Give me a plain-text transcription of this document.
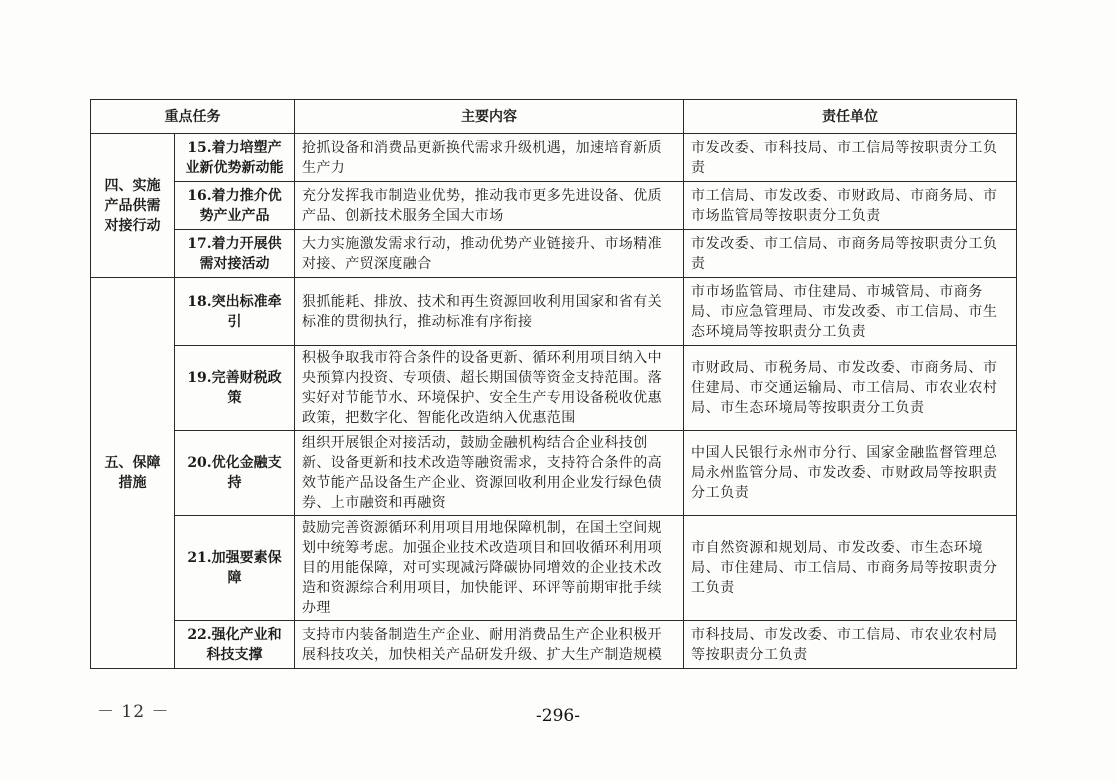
重点任务		主要内容	责任单位
四、实施产品供需对接行动	15.着力培塑产业新优势新动能	抢抓设备和消费品更新换代需求升级机遇，加速培育新质生产力	市发改委、市科技局、市工信局等按职责分工负责
	16.着力推介优势产业产品	充分发挥我市制造业优势，推动我市更多先进设备、优质产品、创新技术服务全国大市场	市工信局、市发改委、市财政局、市商务局、市市场监管局等按职责分工负责
	17.着力开展供需对接活动	大力实施激发需求行动，推动优势产业链接升、市场精准对接、产贸深度融合	市发改委、市工信局、市商务局等按职责分工负责
五、保障措施	18.突出标准牵引	狠抓能耗、排放、技术和再生资源回收利用国家和省有关标准的贯彻执行，推动标准有序衔接	市市场监管局、市住建局、市城管局、市商务局、市应急管理局、市发改委、市工信局、市生态环境局等按职责分工负责
	19.完善财税政策	积极争取我市符合条件的设备更新、循环利用项目纳入中央预算内投资、专项债、超长期国债等资金支持范围。落实好对节能节水、环境保护、安全生产专用设备税收优惠政策，把数字化、智能化改造纳入优惠范围	市财政局、市税务局、市发改委、市商务局、市住建局、市交通运输局、市工信局、市农业农村局、市生态环境局等按职责分工负责
	20.优化金融支持	组织开展银企对接活动，鼓励金融机构结合企业科技创新、设备更新和技术改造等融资需求，支持符合条件的高效节能产品设备生产企业、资源回收利用企业发行绿色债券、上市融资和再融资	中国人民银行永州市分行、国家金融监督管理总局永州监管分局、市发改委、市财政局等按职责分工负责
	21.加强要素保障	鼓励完善资源循环利用项目用地保障机制，在国土空间规划中统筹考虑。加强企业技术改造项目和回收循环利用项目的用能保障，对可实现减污降碳协同增效的企业技术改造和资源综合利用项目，加快能评、环评等前期审批手续办理	市自然资源和规划局、市发改委、市生态环境局、市住建局、市工信局、市商务局等按职责分工负责
	22.强化产业和科技支撑	支持市内装备制造生产企业、耐用消费品生产企业积极开展科技攻关，加快相关产品研发升级、扩大生产制造规模	市科技局、市发改委、市工信局、市农业农村局等按职责分工负责
－ 12 －	-296-
